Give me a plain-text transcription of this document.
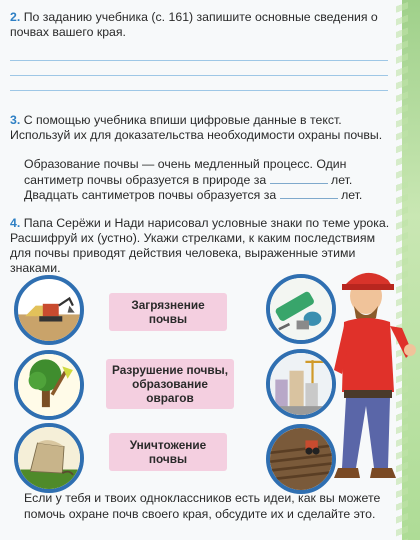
2. По заданию учебника (с. 161) запишите основные сведения о почвах вашего края.
3. С помощью учебника впиши цифровые данные в текст. Используй их для доказательства необходимости охраны почвы.
Образование почвы — очень медленный процесс. Один
сантиметр почвы образуется в природе за	лет.
Двадцать сантиметров почвы образуется за	лет.
4. Папа Серёжи и Нади нарисовал условные знаки по теме урока. Расшифруй их (устно). Укажи стрелками, к каким последствиям для почвы приводят действия человека, выраженные этими знаками.
Загрязнение
почвы
Разрушение почвы,
образование
оврагов
Уничтожение
почвы
Если у тебя и твоих одноклассников есть идеи, как вы можете помочь охране почв своего края, обсудите их и сделайте это.
